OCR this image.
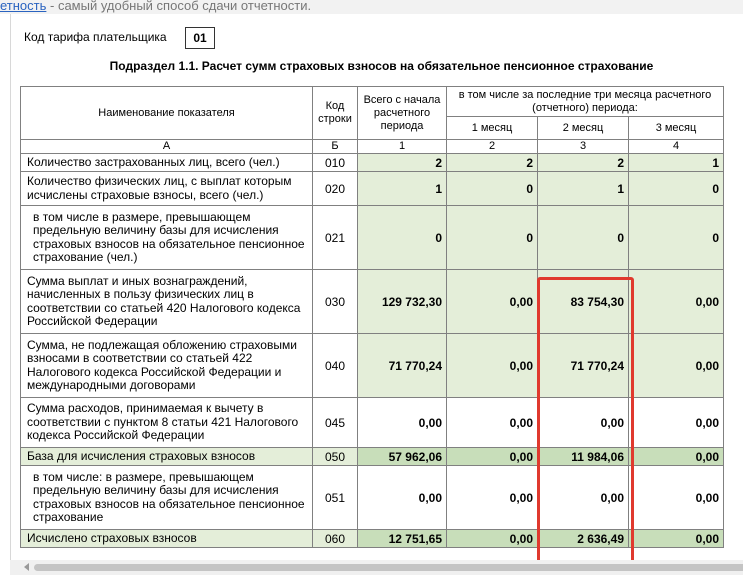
етность - самый удобный способ сдачи отчетности.
Код тарифа плательщика	01
Подраздел 1.1. Расчет сумм страховых взносов на обязательное пенсионное страхование
Наименование показателя	Код строки	Всего с начала расчетного периода	в том числе за последние три месяца расчетного (отчетного) периода:		
			1 месяц	2 месяц	3 месяц
А	Б	1	2	3	4
Количество застрахованных лиц, всего (чел.)	010	2	2	2	1
Количество физических лиц, с выплат которым исчислены страховые взносы, всего (чел.)	020	1	0	1	0
в том числе в размере, превышающем предельную величину базы для исчисления страховых взносов на обязательное пенсионное страхование (чел.)	021	0	0	0	0
Сумма выплат и иных вознаграждений, начисленных в пользу физических лиц в соответствии со статьей 420 Налогового кодекса Российской Федерации	030	129 732,30	0,00	83 754,30	0,00
Сумма, не подлежащая обложению страховыми взносами в соответствии со статьей 422 Налогового кодекса Российской Федерации и международными договорами	040	71 770,24	0,00	71 770,24	0,00
Сумма расходов, принимаемая к вычету в соответствии с пунктом 8 статьи 421 Налогового кодекса Российской Федерации	045	0,00	0,00	0,00	0,00
База для исчисления страховых взносов	050	57 962,06	0,00	11 984,06	0,00
в том числе: в размере, превышающем предельную величину базы для исчисления страховых взносов на обязательное пенсионное страхование	051	0,00	0,00	0,00	0,00
Исчислено страховых взносов	060	12 751,65	0,00	2 636,49	0,00
